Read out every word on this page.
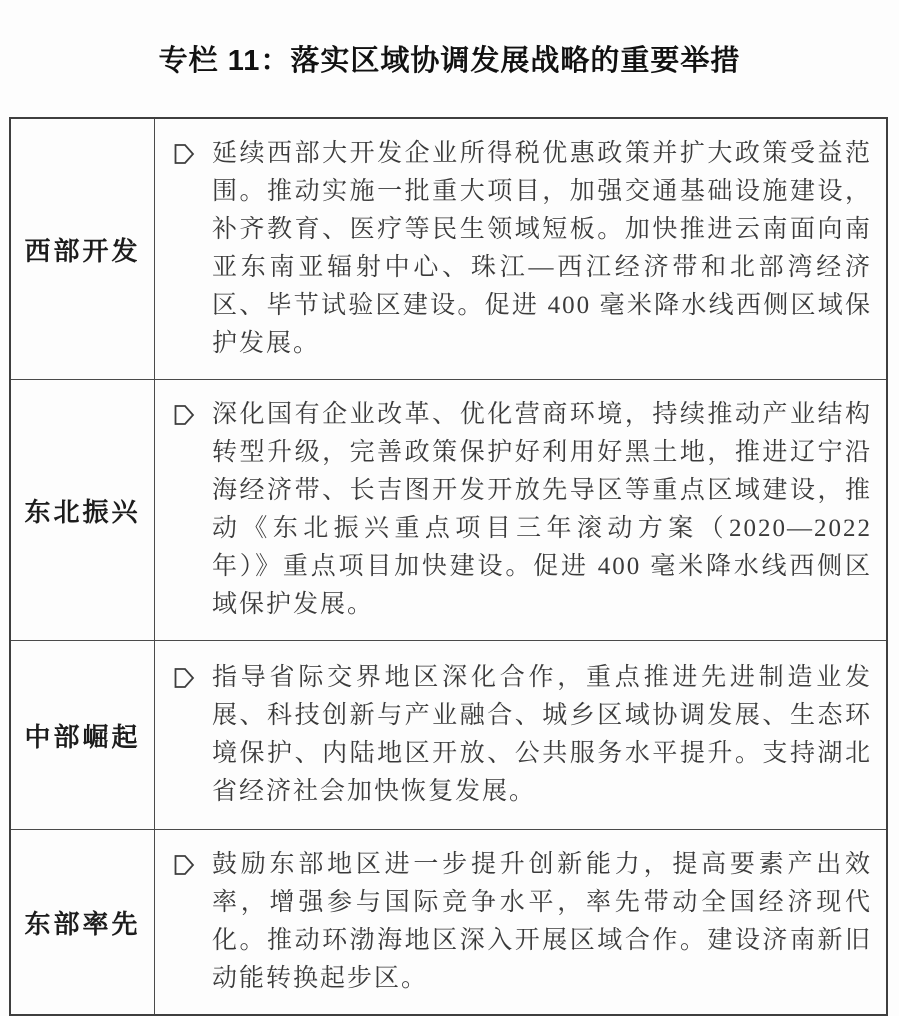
专栏 11：落实区域协调发展战略的重要举措
西部开发

延续西部大开发企业所得税优惠政策并扩大政策受益范围。推动实施一批重大项目，加强交通基础设施建设，补齐教育、医疗等民生领域短板。加快推进云南面向南亚东南亚辐射中心、珠江—西江经济带和北部湾经济区、毕节试验区建设。促进 400 毫米降水线西侧区域保护发展。

东北振兴

深化国有企业改革、优化营商环境，持续推动产业结构转型升级，完善政策保护好利用好黑土地，推进辽宁沿海经济带、长吉图开发开放先导区等重点区域建设，推动《东北振兴重点项目三年滚动方案（2020—2022 年）》重点项目加快建设。促进 400 毫米降水线西侧区域保护发展。

中部崛起

指导省际交界地区深化合作，重点推进先进制造业发展、科技创新与产业融合、城乡区域协调发展、生态环境保护、内陆地区开放、公共服务水平提升。支持湖北省经济社会加快恢复发展。

东部率先

鼓励东部地区进一步提升创新能力，提高要素产出效率，增强参与国际竞争水平，率先带动全国经济现代化。推动环渤海地区深入开展区域合作。建设济南新旧动能转换起步区。
